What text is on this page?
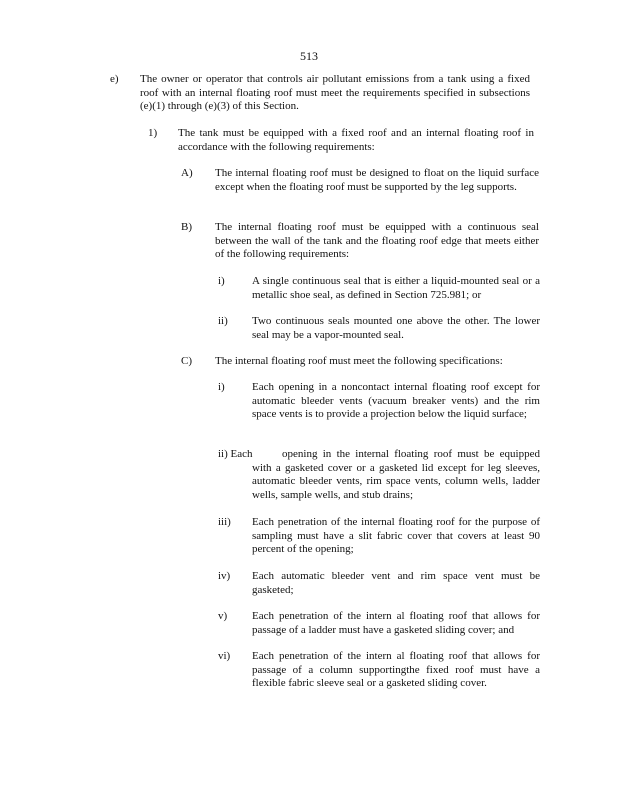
513
e) The owner or operator that controls air pollutant emissions from a tank using a fixed roof with an internal floating roof must meet the requirements specified in subsections (e)(1) through (e)(3) of this Section.
1) The tank must be equipped with a fixed roof and an internal floating roof in accordance with the following requirements:
A) The internal floating roof must be designed to float on the liquid surface except when the floating roof must be supported by the leg supports.
B) The internal floating roof must be equipped with a continuous seal between the wall of the tank and the floating roof edge that meets either of the following requirements:
i) A single continuous seal that is either a liquid-mounted seal or a metallic shoe seal, as defined in Section 725.981; or
ii) Two continuous seals mounted one above the other. The lower seal may be a vapor-mounted seal.
C) The internal floating roof must meet the following specifications:
i) Each opening in a noncontact internal floating roof except for automatic bleeder vents (vacuum breaker vents) and the rim space vents is to provide a projection below the liquid surface;
ii) Each	opening in the internal floating roof must be equipped with a gasketed cover or a gasketed lid except for leg sleeves, automatic bleeder vents, rim space vents, column wells, ladder wells, sample wells, and stub drains;
iii) Each penetration of the internal floating roof for the purpose of sampling must have a slit fabric cover that covers at least 90 percent of the opening;
iv) Each automatic bleeder vent and rim space vent must be gasketed;
v) Each penetration of the intern al floating roof that allows for passage of a ladder must have a gasketed sliding cover; and
vi) Each penetration of the intern al floating roof that allows for passage of a column supportingthe fixed roof must have a flexible fabric sleeve seal or a gasketed sliding cover.
